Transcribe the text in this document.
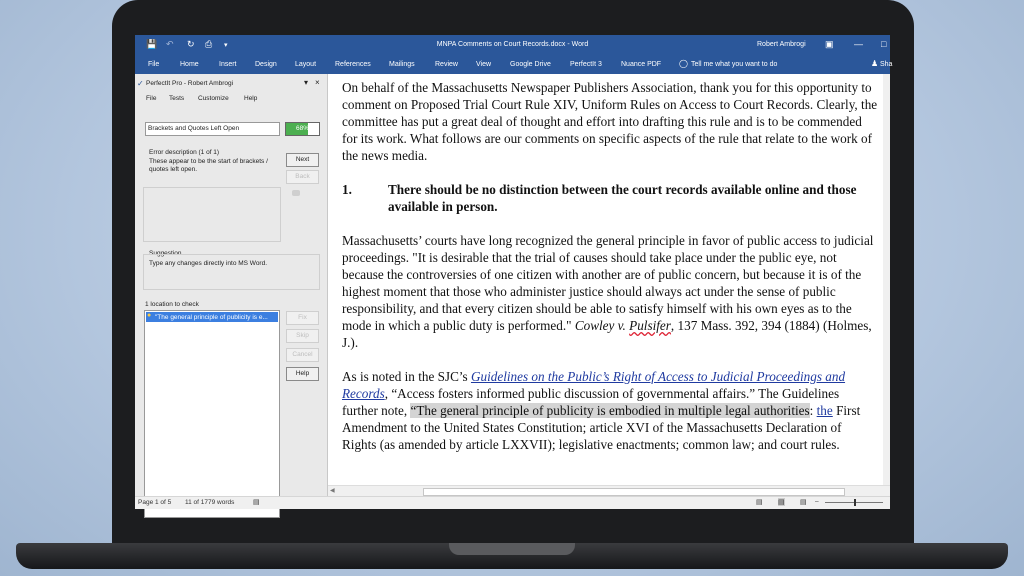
💾 ↶ ↻ ⎙ ▾	MNPA Comments on Court Records.docx - Word	Robert Ambrogi ▣ — □
File	Home	Insert	Design	Layout	References	Mailings	Review	View	Google Drive	PerfectIt 3	Nuance PDF ◯ Tell me what you want to do	♟ Sha
✓ PerfectIt Pro - Robert Ambrogi	▾ ×
File Tests Customize Help
Brackets and Quotes Left Open	68%
Error description (1 of 1)
These appear to be the start of brackets / quotes left open.
Next
Back
Suggestion
Type any changes directly into MS Word.
1 location to check
● "The general principle of publicity is e...	Fix
Skip
Cancel
Help

On behalf of the Massachusetts Newspaper Publishers Association, thank you for this opportunity to comment on Proposed Trial Court Rule XIV, Uniform Rules on Access to Court Records. Clearly, the committee has put a great deal of thought and effort into drafting this rule and is to be commended for its work. What follows are our comments on specific aspects of the rule that relate to the work of the news media.

1.	There should be no distinction between the court records available online and those available in person.

Massachusetts’ courts have long recognized the general principle in favor of public access to judicial proceedings. "It is desirable that the trial of causes should take place under the public eye, not because the controversies of one citizen with another are of public concern, but because it is of the highest moment that those who administer justice should always act under the sense of public responsibility, and that every citizen should be able to satisfy himself with his own eyes as to the mode in which a public duty is performed." Cowley v. Pulsifer, 137 Mass. 392, 394 (1884) (Holmes, J.).

As is noted in the SJC’s Guidelines on the Public’s Right of Access to Judicial Proceedings and Records, “Access fosters informed public discussion of governmental affairs.” The Guidelines further note, “The general principle of publicity is embodied in multiple legal authorities: the First Amendment to the United States Constitution; article XVI of the Massachusetts Declaration of Rights (as amended by article LXXVII); legislative enactments; common law; and court rules.

◀
Page 1 of 5 11 of 1779 words	▤	▤ ▤ ▤ –
